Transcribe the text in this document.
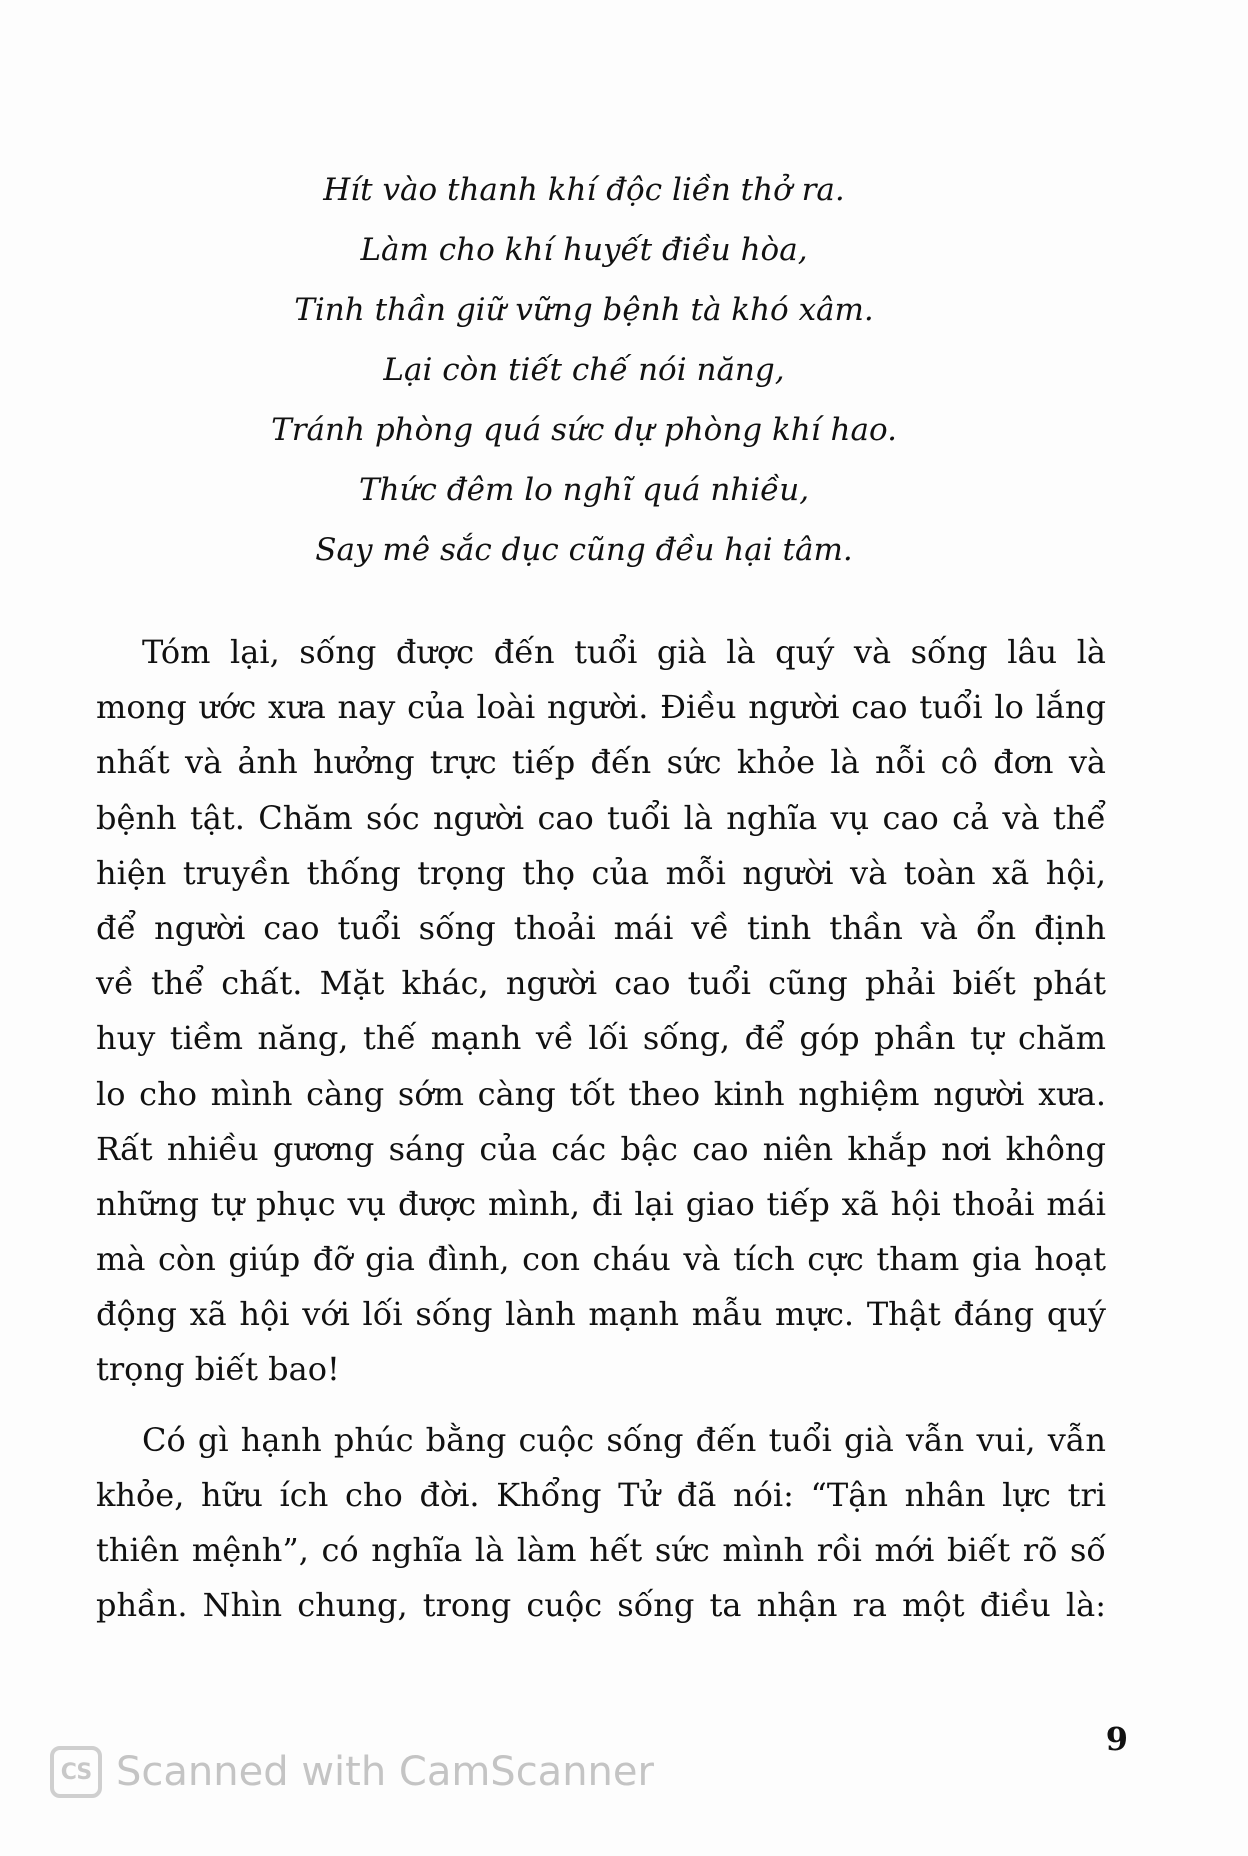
Hít vào thanh khí độc liền thở ra.
Làm cho khí huyết điều hòa,
Tinh thần giữ vững bệnh tà khó xâm.
Lại còn tiết chế nói năng,
Tránh phòng quá sức dự phòng khí hao.
Thức đêm lo nghĩ quá nhiều,
Say mê sắc dục cũng đều hại tâm.
Tóm lại, sống được đến tuổi già là quý và sống lâu là
mong ước xưa nay của loài người. Điều người cao tuổi lo lắng
nhất và ảnh hưởng trực tiếp đến sức khỏe là nỗi cô đơn và
bệnh tật. Chăm sóc người cao tuổi là nghĩa vụ cao cả và thể
hiện truyền thống trọng thọ của mỗi người và toàn xã hội,
để người cao tuổi sống thoải mái về tinh thần và ổn định
về thể chất. Mặt khác, người cao tuổi cũng phải biết phát
huy tiềm năng, thế mạnh về lối sống, để góp phần tự chăm
lo cho mình càng sớm càng tốt theo kinh nghiệm người xưa.
Rất nhiều gương sáng của các bậc cao niên khắp nơi không
những tự phục vụ được mình, đi lại giao tiếp xã hội thoải mái
mà còn giúp đỡ gia đình, con cháu và tích cực tham gia hoạt
động xã hội với lối sống lành mạnh mẫu mực. Thật đáng quý
trọng biết bao!
Có gì hạnh phúc bằng cuộc sống đến tuổi già vẫn vui, vẫn
khỏe, hữu ích cho đời. Khổng Tử đã nói: “Tận nhân lực tri
thiên mệnh”, có nghĩa là làm hết sức mình rồi mới biết rõ số
phần. Nhìn chung, trong cuộc sống ta nhận ra một điều là:
9
CS Scanned with CamScanner
